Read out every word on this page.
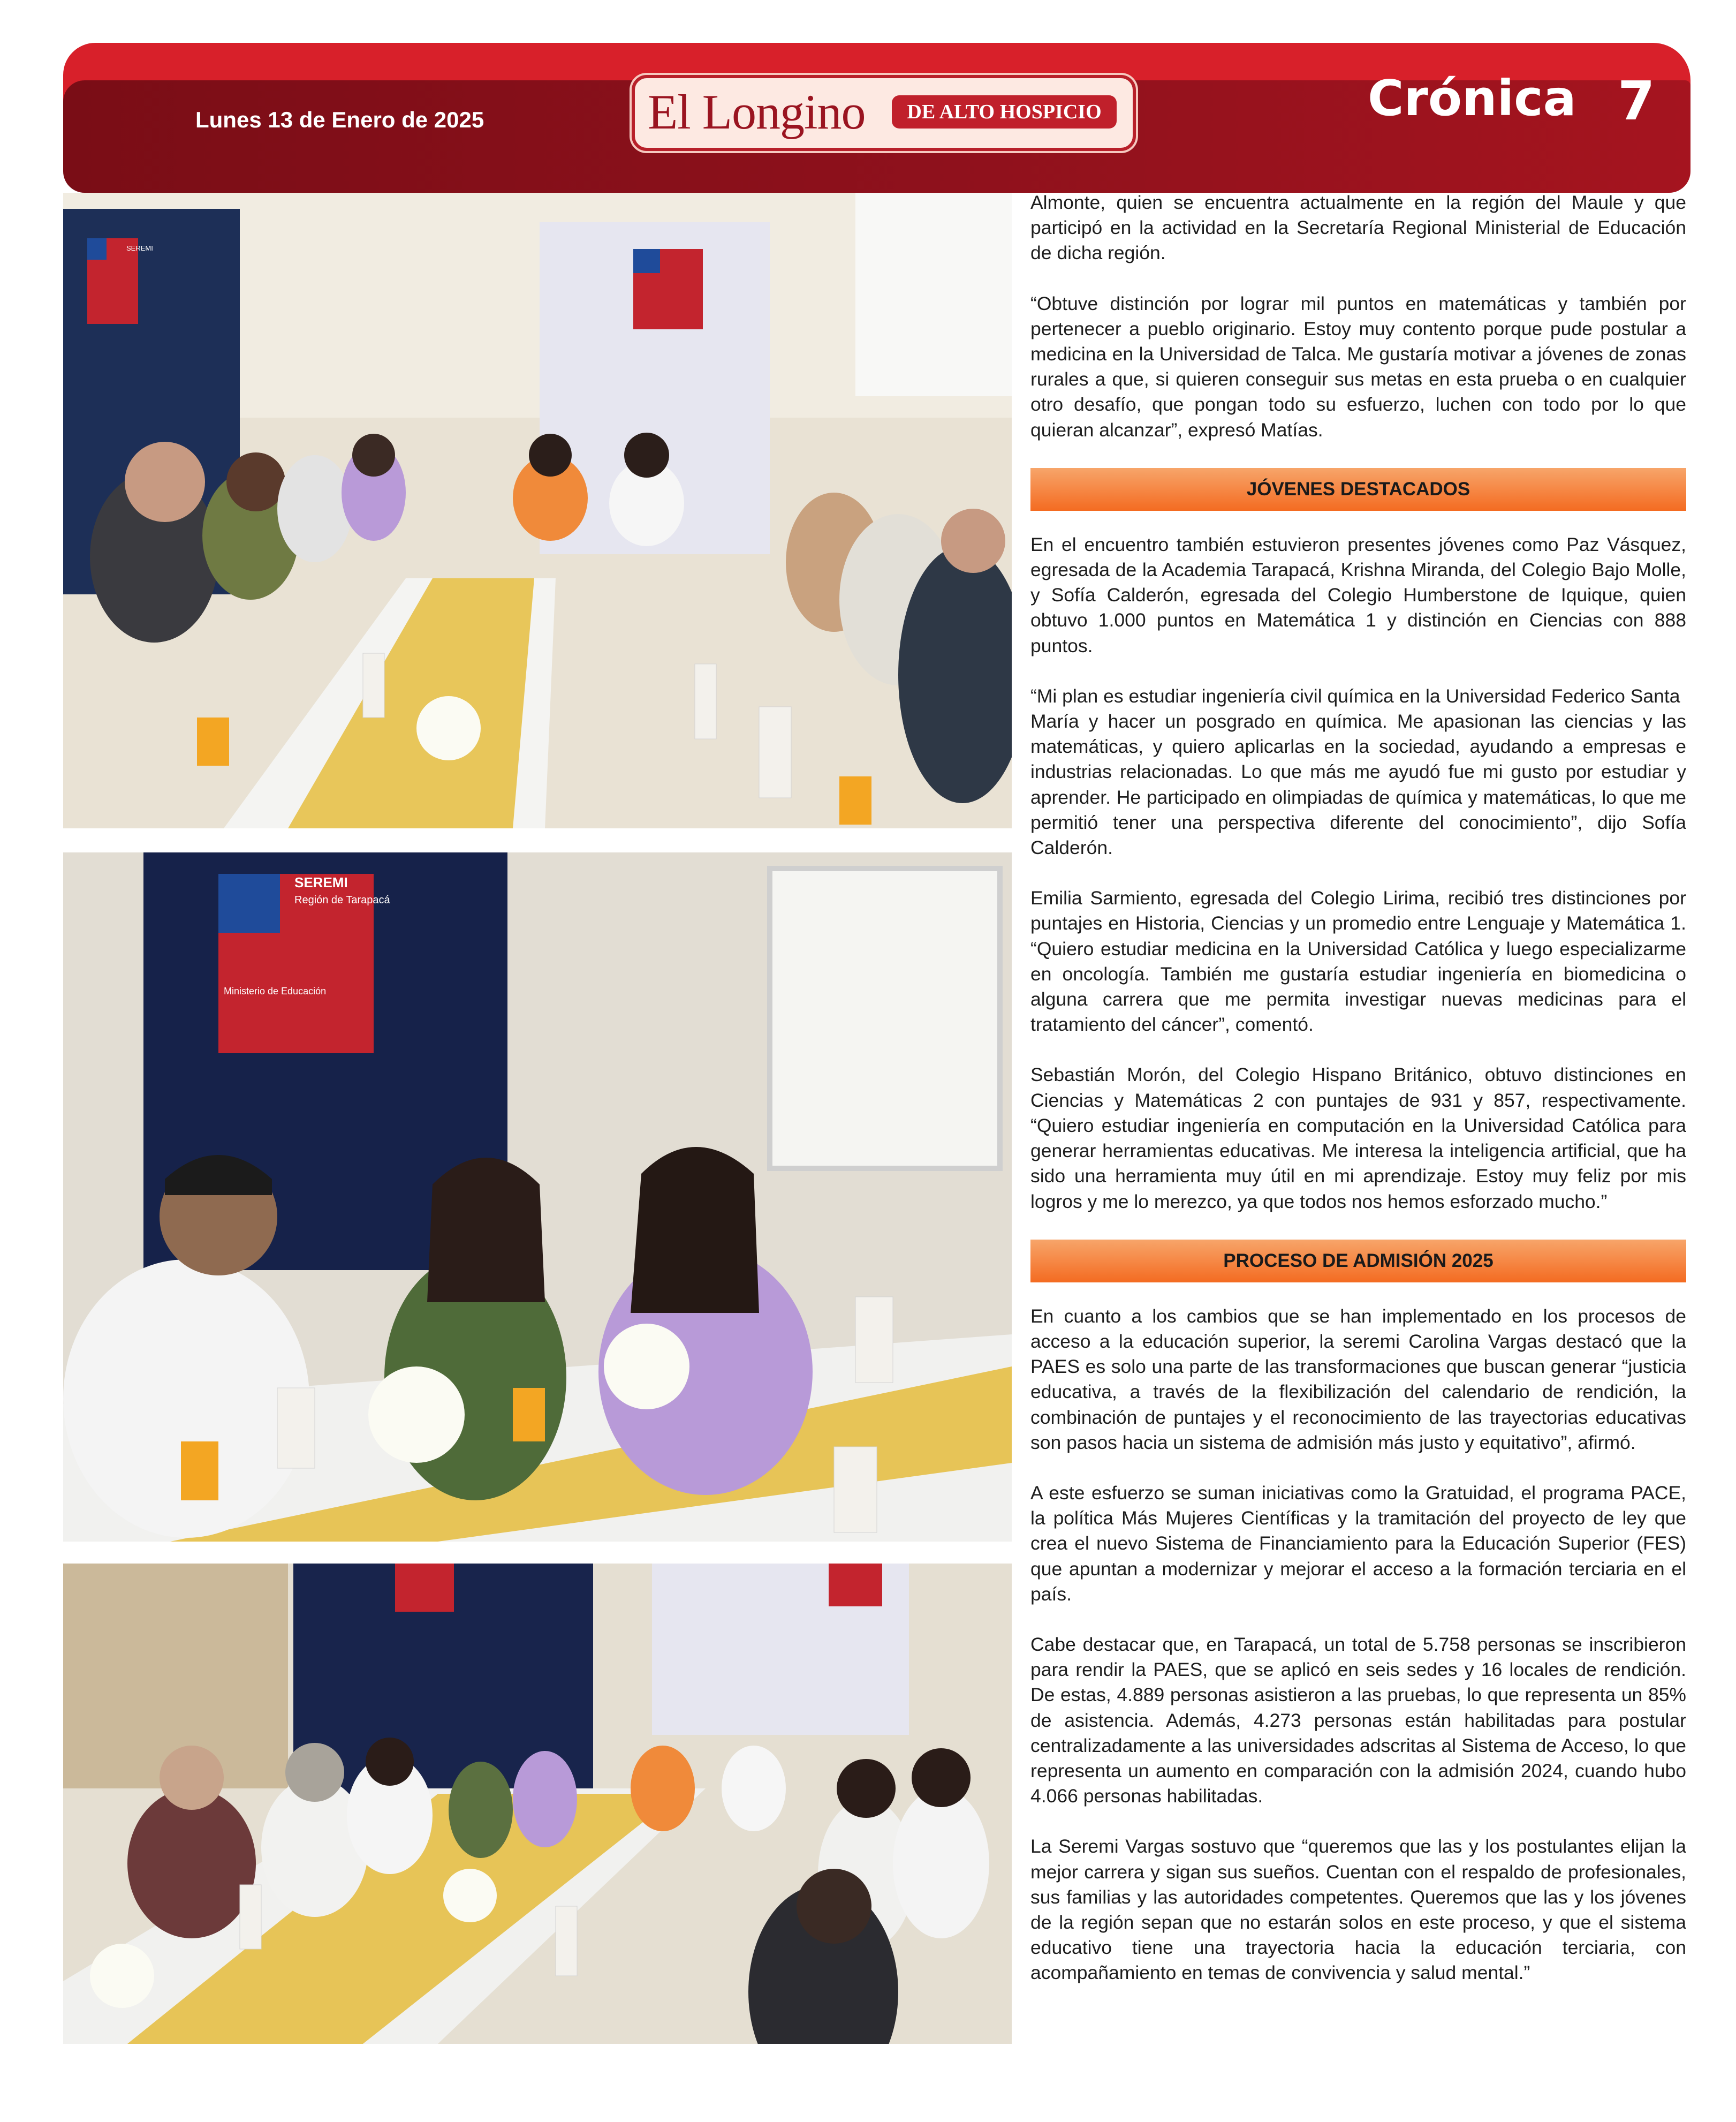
Lunes 13 de Enero de 2025	El Longino	DE ALTO HOSPICIO	Crónica 7
SEREMI
SEREMI
Región de Tarapacá
Ministerio de Educación

Almonte, quien se encuentra actualmente en la región del Maule y que participó en la actividad en la Secretaría Regional Ministerial de Educación de dicha región.

“Obtuve distinción por lograr mil puntos en matemáticas y también por pertenecer a pueblo originario. Estoy muy contento porque pude postular a medicina en la Universidad de Talca. Me gustaría motivar a jóvenes de zonas rurales a que, si quieren conseguir sus metas en esta prueba o en cualquier otro desafío, que pongan todo su esfuerzo, luchen con todo por lo que quieran alcanzar”, expresó Matías.

JÓVENES DESTACADOS

En el encuentro también estuvieron presentes jóvenes como Paz Vásquez, egresada de la Academia Tarapacá, Krishna Miranda, del Colegio Bajo Molle, y Sofía Calderón, egresada del Colegio Humberstone de Iquique, quien obtuvo 1.000 puntos en Matemática 1 y distinción en Ciencias con 888 puntos.

“Mi plan es estudiar ingeniería civil química en la Universidad Federico Santa
María y hacer un posgrado en química. Me apasionan las ciencias y las matemáticas, y quiero aplicarlas en la sociedad, ayudando a empresas e industrias relacionadas. Lo que más me ayudó fue mi gusto por estudiar y aprender. He participado en olimpiadas de química y matemáticas, lo que me permitió tener una perspectiva diferente del conocimiento”, dijo Sofía Calderón.

Emilia Sarmiento, egresada del Colegio Lirima, recibió tres distinciones por puntajes en Historia, Ciencias y un promedio entre Lenguaje y Matemática 1. “Quiero estudiar medicina en la Universidad Católica y luego especializarme en oncología. También me gustaría estudiar ingeniería en biomedicina o alguna carrera que me permita investigar nuevas medicinas para el tratamiento del cáncer”, comentó.

Sebastián Morón, del Colegio Hispano Británico, obtuvo distinciones en Ciencias y Matemáticas 2 con puntajes de 931 y 857, respectivamente. “Quiero estudiar ingeniería en computación en la Universidad Católica para generar herramientas educativas. Me interesa la inteligencia artificial, que ha sido una herramienta muy útil en mi aprendizaje. Estoy muy feliz por mis logros y me lo merezco, ya que todos nos hemos esforzado mucho.”

PROCESO DE ADMISIÓN 2025

En cuanto a los cambios que se han implementado en los procesos de acceso a la educación superior, la seremi Carolina Vargas destacó que la PAES es solo una parte de las transformaciones que buscan generar “justicia educativa, a través de la flexibilización del calendario de rendición, la combinación de puntajes y el reconocimiento de las trayectorias educativas son pasos hacia un sistema de admisión más justo y equitativo”, afirmó.

A este esfuerzo se suman iniciativas como la Gratuidad, el programa PACE, la política Más Mujeres Científicas y la tramitación del proyecto de ley que crea el nuevo Sistema de Financiamiento para la Educación Superior (FES) que apuntan a modernizar y mejorar el acceso a la formación terciaria en el país.

Cabe destacar que, en Tarapacá, un total de 5.758 personas se inscribieron para rendir la PAES, que se aplicó en seis sedes y 16 locales de rendición. De estas, 4.889 personas asistieron a las pruebas, lo que representa un 85% de asistencia. Además, 4.273 personas están habilitadas para postular centralizadamente a las universidades adscritas al Sistema de Acceso, lo que representa un aumento en comparación con la admisión 2024, cuando hubo 4.066 personas habilitadas.

La Seremi Vargas sostuvo que “queremos que las y los postulantes elijan la mejor carrera y sigan sus sueños. Cuentan con el respaldo de profesionales, sus familias y las autoridades competentes. Queremos que las y los jóvenes de la región sepan que no estarán solos en este proceso, y que el sistema educativo tiene una trayectoria hacia la educación terciaria, con acompañamiento en temas de convivencia y salud mental.”
